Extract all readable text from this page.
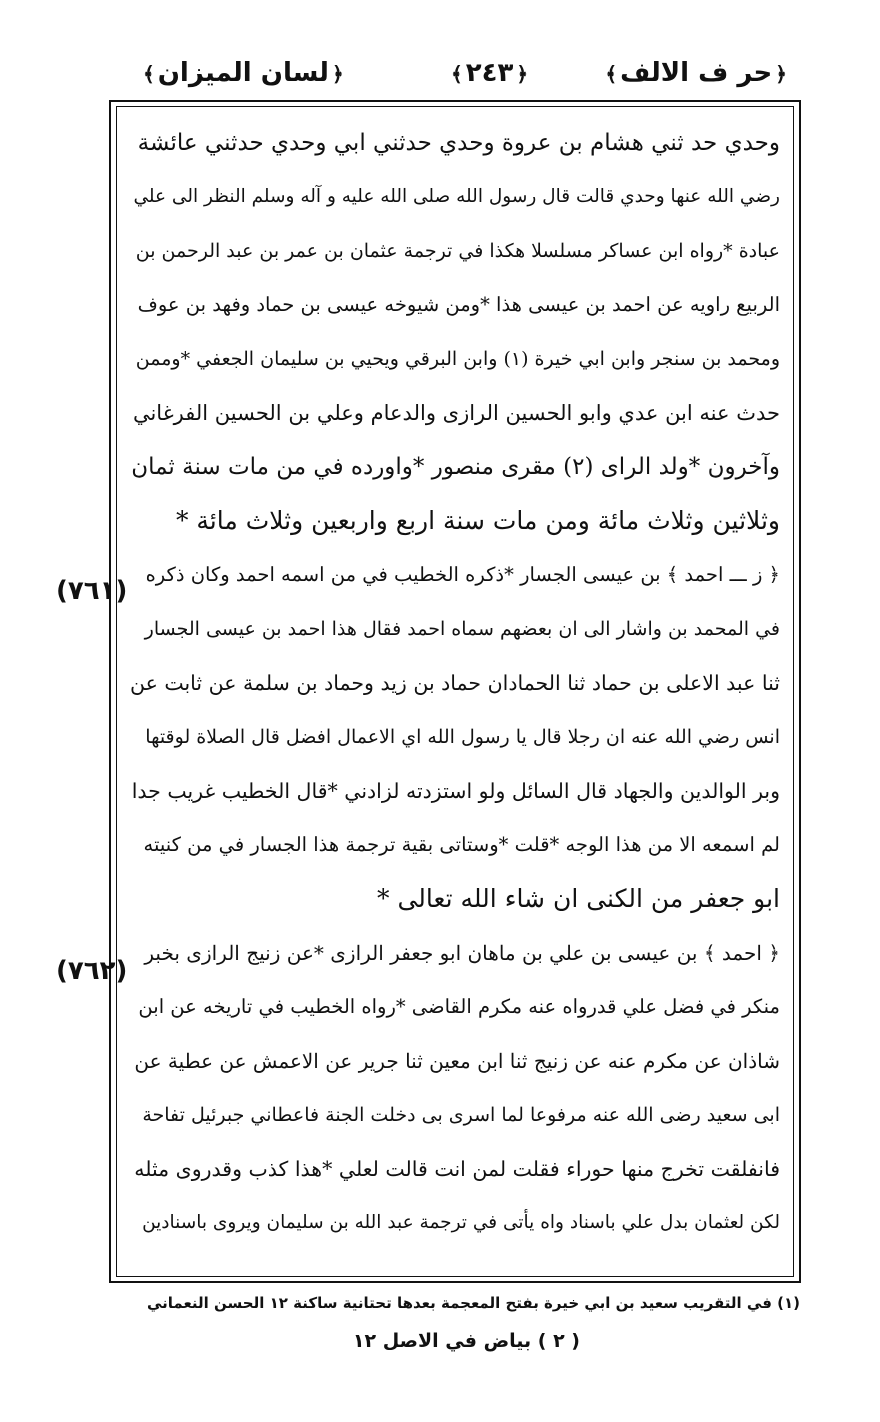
﴿حر ف الالف﴾
﴿٢٤٣﴾
﴿لسان الميزان﴾
وحدي حد ثني هشام بن عروة وحدي حدثني ابي وحدي حدثني عائشة
رضي الله عنها وحدي قالت قال رسول الله صلى الله عليه و آله وسلم النظر الى علي
عبادة *رواه ابن عساكر مسلسلا هكذا في ترجمة عثمان بن عمر بن عبد الرحمن بن
الربيع راويه عن احمد بن عيسى هذا *ومن شيوخه عيسى بن حماد وفهد بن عوف
ومحمد بن سنجر وابن ابي خيرة (١) وابن البرقي ويحيي بن سليمان الجعفي *وممن
حدث عنه ابن عدي وابو الحسين الرازى والدعام وعلي بن الحسين الفرغاني
وآخرون *ولد الراى (٢) مقرى منصور *واورده في من مات سنة ثمان
وثلاثين وثلاث مائة ومن مات سنة اربع واربعين وثلاث مائة *
﴿ ز ـــ احمد ﴾ بن عيسى الجسار *ذكره الخطيب في من اسمه احمد وكان ذكره
في المحمد بن واشار الى ان بعضهم سماه احمد فقال هذا احمد بن عيسى الجسار
ثنا عبد الاعلى بن حماد ثنا الحمادان حماد بن زيد وحماد بن سلمة عن ثابت عن
انس رضي الله عنه ان رجلا قال يا رسول الله اي الاعمال افضل قال الصلاة لوقتها
وبر الوالدين والجهاد قال السائل ولو استزدته لزادني *قال الخطيب غريب جدا
لم اسمعه الا من هذا الوجه *قلت *وستاتى بقية ترجمة هذا الجسار في من كنيته
ابو جعفر من الكنى ان شاء الله تعالى *
﴿ احمد ﴾ بن عيسى بن علي بن ماهان ابو جعفر الرازى *عن زنيج الرازى بخبر
منكر في فضل علي قدرواه عنه مكرم القاضى *رواه الخطيب في تاريخه عن ابن
شاذان عن مكرم عنه عن زنيج ثنا ابن معين ثنا جرير عن الاعمش عن عطية عن
ابى سعيد رضى الله عنه مرفوعا لما اسرى بى دخلت الجنة فاعطاني جبرئيل تفاحة
فانفلقت تخرج منها حوراء فقلت لمن انت قالت لعلي *هذا كذب وقدروى مثله
لكن لعثمان بدل علي باسناد واه يأتى في ترجمة عبد الله بن سليمان ويروى باسنادين
(٧٦١)
(٧٦٢)
(١) في التقريب سعيد بن ابي خيرة بفتح المعجمة بعدها تحتانية ساكنة ١٢ الحسن النعماني
( ٢ ) بياض في الاصل ١٢
